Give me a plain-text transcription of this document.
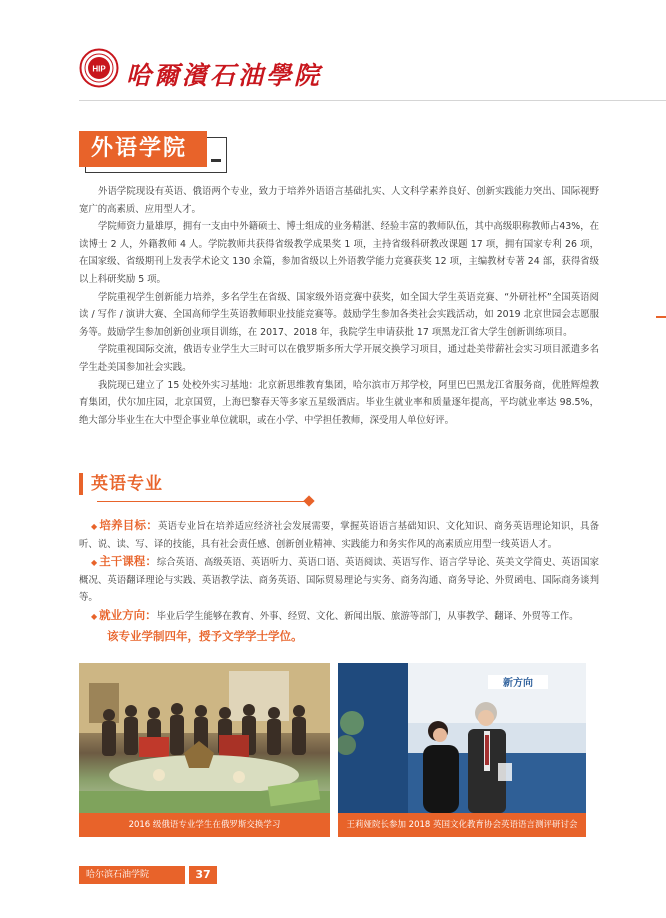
HIP 哈爾濱石油學院
外语学院

外语学院现设有英语、俄语两个专业，致力于培养外语语言基础扎实、人文科学素养良好、创新实践能力突出、国际视野宽广的高素质、应用型人才。

学院师资力量雄厚，拥有一支由中外籍硕士、博士组成的业务精湛、经验丰富的教师队伍，其中高级职称教师占43%，在读博士 2 人，外籍教师 4 人。学院教师共获得省级教学成果奖 1 项，主持省级科研教改课题 17 项，拥有国家专利 26 项，在国家级、省级期刊上发表学术论文 130 余篇，参加省级以上外语教学能力竞赛获奖 12 项，主编教材专著 24 部，获得省级以上科研奖励 5 项。

学院重视学生创新能力培养，多名学生在省级、国家级外语竞赛中获奖，如全国大学生英语竞赛、“外研社杯”全国英语阅读 / 写作 / 演讲大赛、全国高师学生英语教师职业技能竞赛等。鼓励学生参加各类社会实践活动，如 2019 北京世园会志愿服务等。鼓励学生参加创新创业项目训练，在 2017、2018 年，我院学生申请获批 17 项黑龙江省大学生创新训练项目。

学院重视国际交流，俄语专业学生大三时可以在俄罗斯多所大学开展交换学习项目，通过赴美带薪社会实习项目派遣多名学生赴美国参加社会实践。

我院现已建立了 15 处校外实习基地：北京新思维教育集团，哈尔滨市万邦学校，阿里巴巴黑龙江省服务商，优胜辉煌教育集团，伏尔加庄园，北京国贸，上海巴黎春天等多家五星级酒店。毕业生就业率和质量逐年提高，平均就业率达 98.5%，绝大部分毕业生在大中型企事业单位就职，或在小学、中学担任教师，深受用人单位好评。

英语专业
◆ 培养目标：英语专业旨在培养适应经济社会发展需要，掌握英语语言基础知识、文化知识、商务英语理论知识，具备听、说、读、写、译的技能，具有社会责任感、创新创业精神、实践能力和务实作风的高素质应用型一线英语人才。
◆ 主干课程：综合英语、高级英语、英语听力、英语口语、英语阅读、英语写作、语言学导论、英美文学简史、英语国家概况、英语翻译理论与实践、英语教学法、商务英语、国际贸易理论与实务、商务沟通、商务导论、外贸函电、国际商务谈判等。
◆ 就业方向：毕业后学生能够在教育、外事、经贸、文化、新闻出版、旅游等部门，从事教学、翻译、外贸等工作。
该专业学制四年，授予文学学士学位。
2016 级俄语专业学生在俄罗斯交换学习
新方向
王莉娅院长参加 2018 英国文化教育协会英语语言测评研讨会
哈尔滨石油学院	37
